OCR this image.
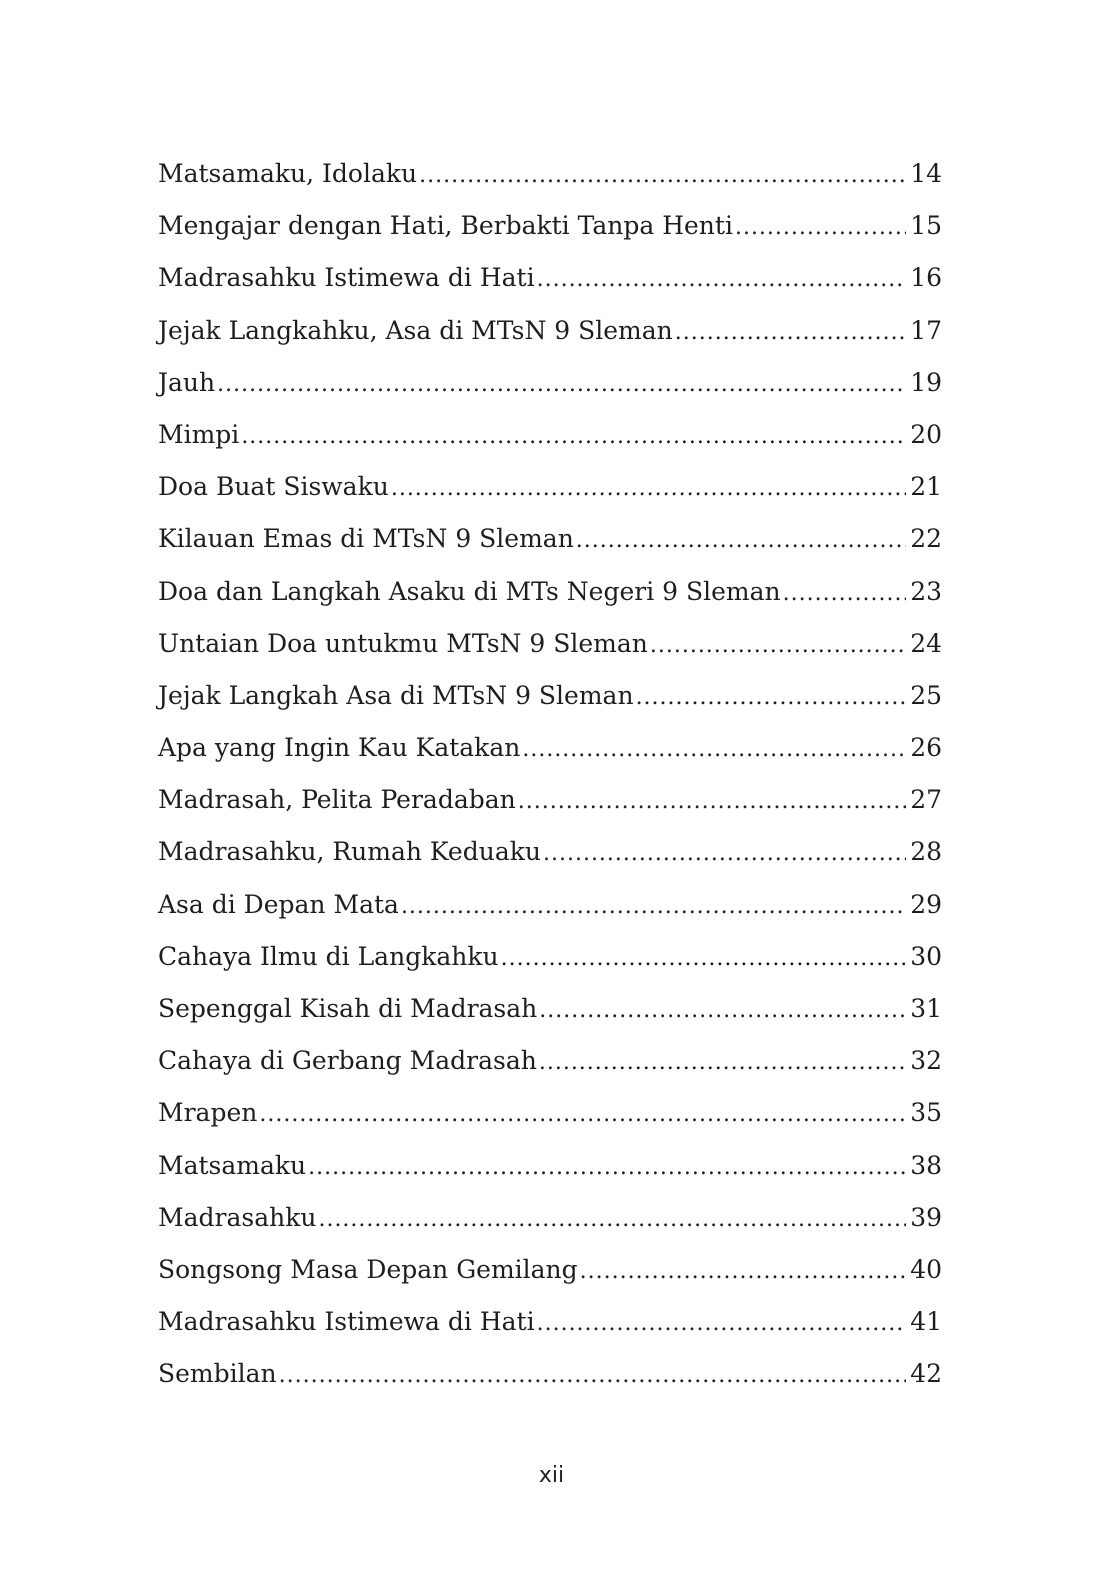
Matsamaku, Idolaku .....	14
Mengajar dengan Hati, Berbakti Tanpa Henti .....	15
Madrasahku Istimewa di Hati .....	16
Jejak Langkahku, Asa di MTsN 9 Sleman .....	17
Jauh .....	19
Mimpi .....	20
Doa Buat Siswaku .....	21
Kilauan Emas di MTsN 9 Sleman .....	22
Doa dan Langkah Asaku di MTs Negeri 9 Sleman .....	23
Untaian Doa untukmu MTsN 9 Sleman .....	24
Jejak Langkah Asa di MTsN 9 Sleman .....	25
Apa yang Ingin Kau Katakan .....	26
Madrasah, Pelita Peradaban .....	27
Madrasahku, Rumah Keduaku .....	28
Asa di Depan Mata .....	29
Cahaya Ilmu di Langkahku .....	30
Sepenggal Kisah di Madrasah .....	31
Cahaya di Gerbang Madrasah .....	32
Mrapen .....	35
Matsamaku .....	38
Madrasahku .....	39
Songsong Masa Depan Gemilang .....	40
Madrasahku Istimewa di Hati .....	41
Sembilan .....	42
xii
